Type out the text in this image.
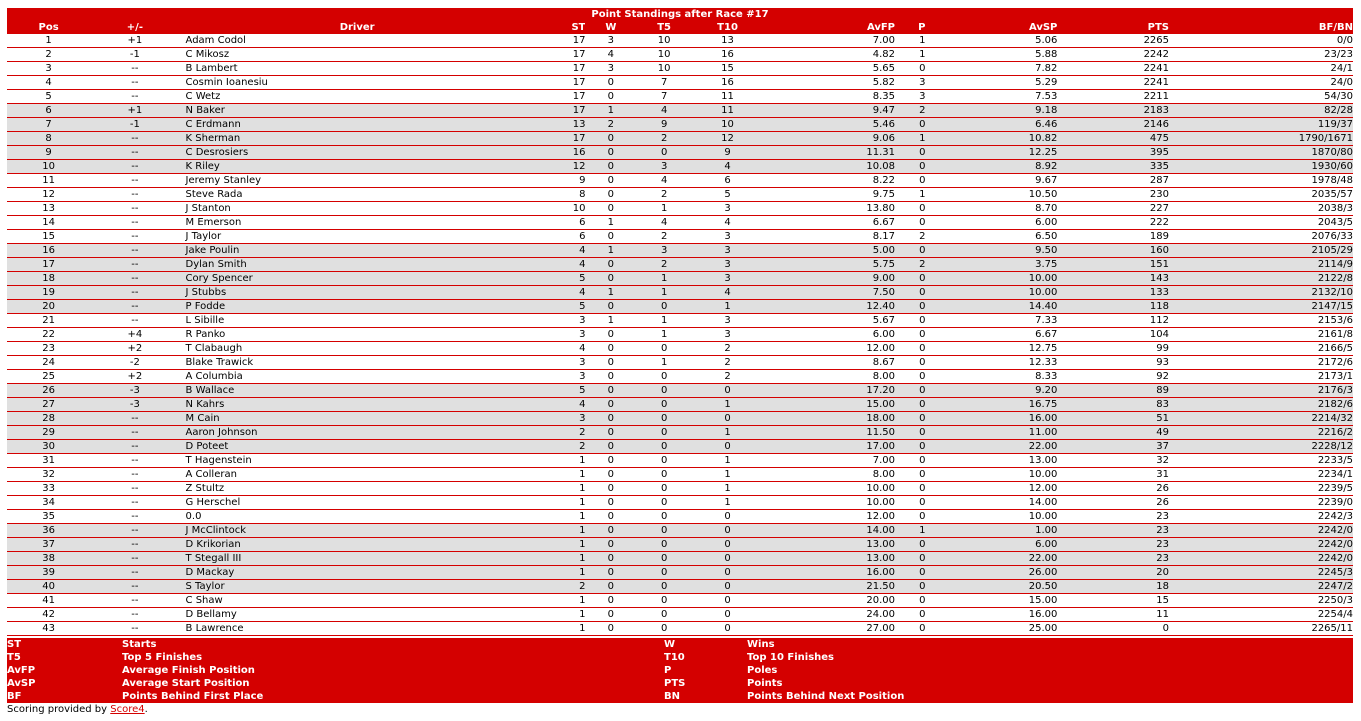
Point Standings after Race #17											
Pos	+/-	Driver	ST	W	T5	T10	AvFP	P	AvSP	PTS	BF/BN
1	+1	Adam Codol	17	3	10	13	7.00	1	5.06	2265	0/0
2	-1	C Mikosz	17	4	10	16	4.82	1	5.88	2242	23/23
3	--	B Lambert	17	3	10	15	5.65	0	7.82	2241	24/1
4	--	Cosmin Ioanesiu	17	0	7	16	5.82	3	5.29	2241	24/0
5	--	C Wetz	17	0	7	11	8.35	3	7.53	2211	54/30
6	+1	N Baker	17	1	4	11	9.47	2	9.18	2183	82/28
7	-1	C Erdmann	13	2	9	10	5.46	0	6.46	2146	119/37
8	--	K Sherman	17	0	2	12	9.06	1	10.82	475	1790/1671
9	--	C Desrosiers	16	0	0	9	11.31	0	12.25	395	1870/80
10	--	K Riley	12	0	3	4	10.08	0	8.92	335	1930/60
11	--	Jeremy Stanley	9	0	4	6	8.22	0	9.67	287	1978/48
12	--	Steve Rada	8	0	2	5	9.75	1	10.50	230	2035/57
13	--	J Stanton	10	0	1	3	13.80	0	8.70	227	2038/3
14	--	M Emerson	6	1	4	4	6.67	0	6.00	222	2043/5
15	--	J Taylor	6	0	2	3	8.17	2	6.50	189	2076/33
16	--	Jake Poulin	4	1	3	3	5.00	0	9.50	160	2105/29
17	--	Dylan Smith	4	0	2	3	5.75	2	3.75	151	2114/9
18	--	Cory Spencer	5	0	1	3	9.00	0	10.00	143	2122/8
19	--	J Stubbs	4	1	1	4	7.50	0	10.00	133	2132/10
20	--	P Fodde	5	0	0	1	12.40	0	14.40	118	2147/15
21	--	L Sibille	3	1	1	3	5.67	0	7.33	112	2153/6
22	+4	R Panko	3	0	1	3	6.00	0	6.67	104	2161/8
23	+2	T Clabaugh	4	0	0	2	12.00	0	12.75	99	2166/5
24	-2	Blake Trawick	3	0	1	2	8.67	0	12.33	93	2172/6
25	+2	A Columbia	3	0	0	2	8.00	0	8.33	92	2173/1
26	-3	B Wallace	5	0	0	0	17.20	0	9.20	89	2176/3
27	-3	N Kahrs	4	0	0	1	15.00	0	16.75	83	2182/6
28	--	M Cain	3	0	0	0	18.00	0	16.00	51	2214/32
29	--	Aaron Johnson	2	0	0	1	11.50	0	11.00	49	2216/2
30	--	D Poteet	2	0	0	0	17.00	0	22.00	37	2228/12
31	--	T Hagenstein	1	0	0	1	7.00	0	13.00	32	2233/5
32	--	A Colleran	1	0	0	1	8.00	0	10.00	31	2234/1
33	--	Z Stultz	1	0	0	1	10.00	0	12.00	26	2239/5
34	--	G Herschel	1	0	0	1	10.00	0	14.00	26	2239/0
35	--	0.0	1	0	0	0	12.00	0	10.00	23	2242/3
36	--	J McClintock	1	0	0	0	14.00	1	1.00	23	2242/0
37	--	D Krikorian	1	0	0	0	13.00	0	6.00	23	2242/0
38	--	T Stegall III	1	0	0	0	13.00	0	22.00	23	2242/0
39	--	D Mackay	1	0	0	0	16.00	0	26.00	20	2245/3
40	--	S Taylor	2	0	0	0	21.50	0	20.50	18	2247/2
41	--	C Shaw	1	0	0	0	20.00	0	15.00	15	2250/3
42	--	D Bellamy	1	0	0	0	24.00	0	16.00	11	2254/4
43	--	B Lawrence	1	0	0	0	27.00	0	25.00	0	2265/11
ST	Starts	W	Wins
T5	Top 5 Finishes	T10	Top 10 Finishes
AvFP	Average Finish Position	P	Poles
AvSP	Average Start Position	PTS	Points
BF	Points Behind First Place	BN	Points Behind Next Position
Scoring provided by Score4.
